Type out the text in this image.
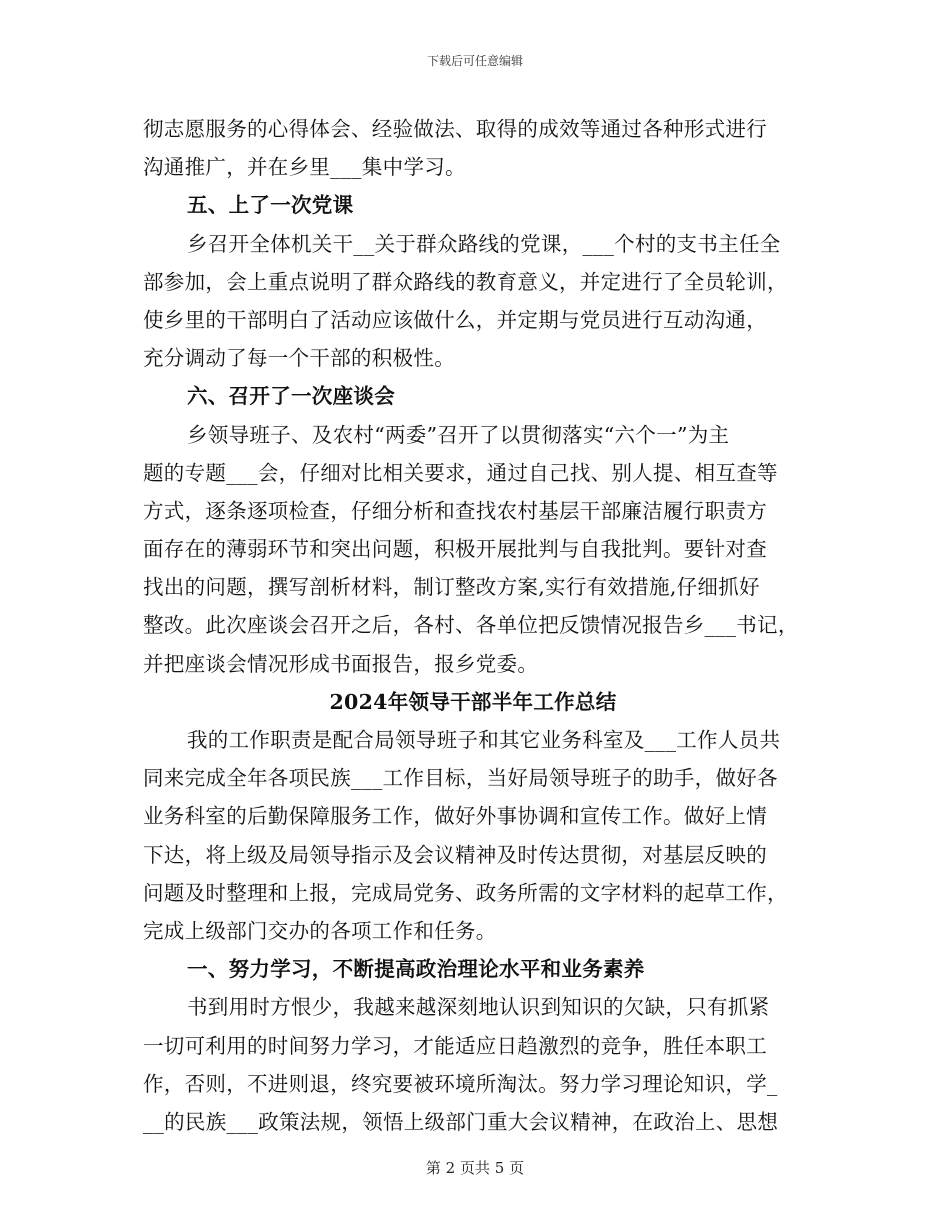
下载后可任意编辑
彻志愿服务的心得体会、经验做法、取得的成效等通过各种形式进行
沟通推广，并在乡里___集中学习。
五、上了一次党课
乡召开全体机关干__关于群众路线的党课，___个村的支书主任全
部参加，会上重点说明了群众路线的教育意义，并定进行了全员轮训，
使乡里的干部明白了活动应该做什么，并定期与党员进行互动沟通，
充分调动了每一个干部的积极性。
六、召开了一次座谈会
乡领导班子、及农村“两委”召开了以贯彻落实“六个一”为主
题的专题___会，仔细对比相关要求，通过自己找、别人提、相互查等
方式，逐条逐项检查，仔细分析和查找农村基层干部廉洁履行职责方
面存在的薄弱环节和突出问题，积极开展批判与自我批判。要针对查
找出的问题，撰写剖析材料，制订整改方案,实行有效措施,仔细抓好
整改。此次座谈会召开之后，各村、各单位把反馈情况报告乡___书记，
并把座谈会情况形成书面报告，报乡党委。
2024年领导干部半年工作总结
我的工作职责是配合局领导班子和其它业务科室及___工作人员共
同来完成全年各项民族___工作目标，当好局领导班子的助手，做好各
业务科室的后勤保障服务工作，做好外事协调和宣传工作。做好上情
下达，将上级及局领导指示及会议精神及时传达贯彻，对基层反映的
问题及时整理和上报，完成局党务、政务所需的文字材料的起草工作，
完成上级部门交办的各项工作和任务。
一、努力学习，不断提高政治理论水平和业务素养
书到用时方恨少，我越来越深刻地认识到知识的欠缺，只有抓紧
一切可利用的时间努力学习，才能适应日趋激烈的竞争，胜任本职工
作，否则，不进则退，终究要被环境所淘汰。努力学习理论知识，学_
__的民族___政策法规，领悟上级部门重大会议精神，在政治上、思想
第 2 页共 5 页
